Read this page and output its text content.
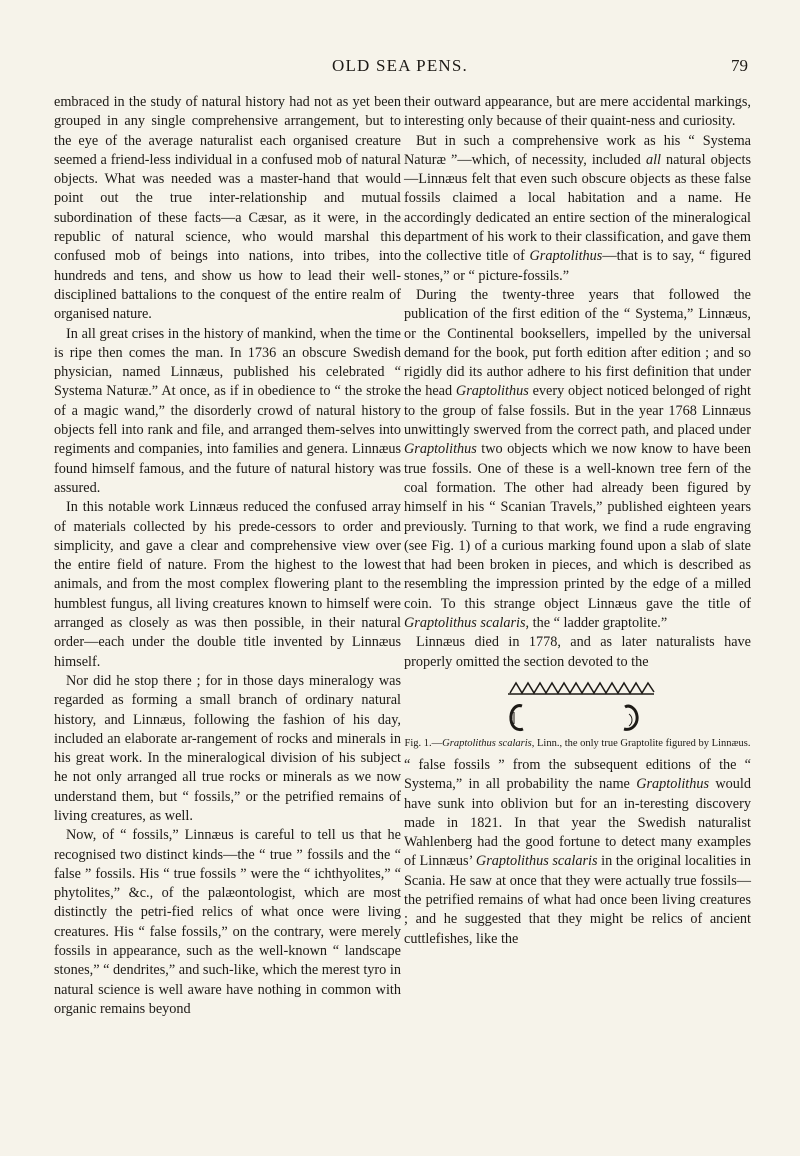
OLD SEA PENS.	79

embraced in the study of natural history had not as yet been grouped in any single comprehensive arrangement, but to the eye of the average naturalist each organised creature seemed a friend-less individual in a confused mob of natural objects. What was needed was a master-hand that would point out the true inter-relationship and mutual subordination of these facts—a Cæsar, as it were, in the republic of natural science, who would marshal this confused mob of beings into nations, into tribes, into hundreds and tens, and show us how to lead their well-disciplined battalions to the conquest of the entire realm of organised nature.

In all great crises in the history of mankind, when the time is ripe then comes the man. In 1736 an obscure Swedish physician, named Linnæus, published his celebrated “ Systema Naturæ.” At once, as if in obedience to “ the stroke of a magic wand,” the disorderly crowd of natural history objects fell into rank and file, and arranged them-selves into regiments and companies, into families and genera. Linnæus found himself famous, and the future of natural history was assured.

In this notable work Linnæus reduced the confused array of materials collected by his prede-cessors to order and simplicity, and gave a clear and comprehensive view over the entire field of nature. From the highest to the lowest animals, and from the most complex flowering plant to the humblest fungus, all living creatures known to himself were arranged as closely as was then possible, in their natural order—each under the double title invented by Linnæus himself.

Nor did he stop there ; for in those days mineralogy was regarded as forming a small branch of ordinary natural history, and Linnæus, following the fashion of his day, included an elaborate ar-rangement of rocks and minerals in his great work. In the mineralogical division of his subject he not only arranged all true rocks or minerals as we now understand them, but “ fossils,” or the petrified remains of living creatures, as well.

Now, of “ fossils,” Linnæus is careful to tell us that he recognised two distinct kinds—the “ true ” fossils and the “ false ” fossils. His “ true fossils ” were the “ ichthyolites,” “ phytolites,” &c., of the palæontologist, which are most distinctly the petri-fied relics of what once were living creatures. His “ false fossils,” on the contrary, were merely fossils in appearance, such as the well-known “ landscape stones,” “ dendrites,” and such-like, which the merest tyro in natural science is well aware have nothing in common with organic remains beyond

their outward appearance, but are mere accidental markings, interesting only because of their quaint-ness and curiosity.

But in such a comprehensive work as his “ Systema Naturæ ”—which, of necessity, included all natural objects—Linnæus felt that even such obscure objects as these false fossils claimed a local habitation and a name. He accordingly dedicated an entire section of the mineralogical department of his work to their classification, and gave them the collective title of Graptolithus—that is to say, “ figured stones,” or “ picture-fossils.”

During the twenty-three years that followed the publication of the first edition of the “ Systema,” Linnæus, or the Continental booksellers, impelled by the universal demand for the book, put forth edition after edition ; and so rigidly did its author adhere to his first definition that under the head Graptolithus every object noticed belonged of right to the group of false fossils. But in the year 1768 Linnæus unwittingly swerved from the correct path, and placed under Graptolithus two objects which we now know to have been true fossils. One of these is a well-known tree fern of the coal formation. The other had already been figured by himself in his “ Scanian Travels,” published eighteen years previously. Turning to that work, we find a rude engraving (see Fig. 1) of a curious marking found upon a slab of slate that had been broken in pieces, and which is described as resembling the impression printed by the edge of a milled coin. To this strange object Linnæus gave the title of Graptolithus scalaris, the “ ladder graptolite.”

Linnæus died in 1778, and as later naturalists have properly omitted the section devoted to the

Fig. 1.—Graptolithus scalaris, Linn., the only true Graptolite figured by Linnæus.

“ false fossils ” from the subsequent editions of the “ Systema,” in all probability the name Graptolithus would have sunk into oblivion but for an in-teresting discovery made in 1821. In that year the Swedish naturalist Wahlenberg had the good fortune to detect many examples of Linnæus’ Graptolithus scalaris in the original localities in Scania. He saw at once that they were actually true fossils—the petrified remains of what had once been living creatures ; and he suggested that they might be relics of ancient cuttlefishes, like the
